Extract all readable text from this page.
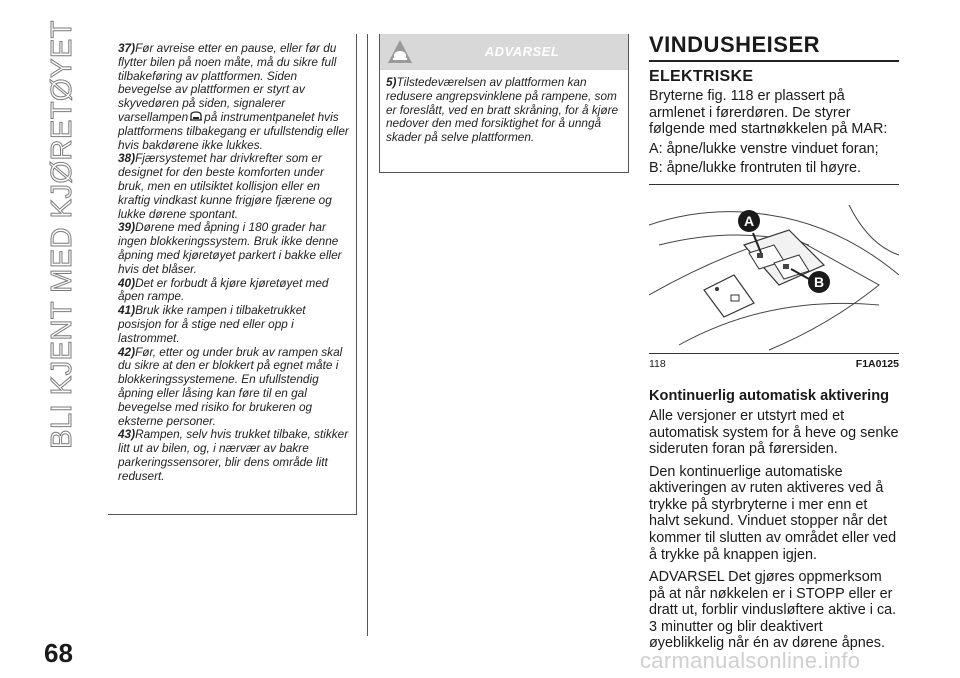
BLI KJENT MED KJØRETØYET	37)Før avreise etter en pause, eller før du flytter bilen på noen måte, må du sikre full tilbakeføring av plattformen. Siden bevegelse av plattformen er styrt av skyvedøren på siden, signalerer varsellampen på instrumentpanelet hvis plattformens tilbakegang er ufullstendig eller hvis bakdørene ikke lukkes.

38)Fjærsystemet har drivkrefter som er designet for den beste komforten under bruk, men en utilsiktet kollisjon eller en kraftig vindkast kunne frigjøre fjærene og lukke dørene spontant.

39)Dørene med åpning i 180 grader har ingen blokkeringssystem. Bruk ikke denne åpning med kjøretøyet parkert i bakke eller hvis det blåser.

40)Det er forbudt å kjøre kjøretøyet med åpen rampe.

41)Bruk ikke rampen i tilbaketrukket posisjon for å stige ned eller opp i lastrommet.

42)Før, etter og under bruk av rampen skal du sikre at den er blokkert på egnet måte i blokkeringssystemene. En ufullstendig åpning eller låsing kan føre til en gal bevegelse med risiko for brukeren og eksterne personer.

43)Rampen, selv hvis trukket tilbake, stikker litt ut av bilen, og, i nærvær av bakre parkeringssensorer, blir dens område litt redusert.

ADVARSEL
5)Tilstedeværelsen av plattformen kan redusere angrepsvinklene på rampene, som er foreslått, ved en bratt skråning, for å kjøre nedover den med forsiktighet for å unngå skader på selve plattformen.
VINDUSHEISER
ELEKTRISKE

Bryterne fig. 118 er plassert på armlenet i førerdøren. De styrer følgende med startnøkkelen på MAR:

A: åpne/lukke venstre vinduet foran;

B: åpne/lukke frontruten til høyre.

A
B
118	F1A0125
Kontinuerlig automatisk aktivering

Alle versjoner er utstyrt med et automatisk system for å heve og senke sideruten foran på førersiden.

Den kontinuerlige automatiske aktiveringen av ruten aktiveres ved å trykke på styrbryterne i mer enn et halvt sekund. Vinduet stopper når det kommer til slutten av området eller ved å trykke på knappen igjen.

ADVARSEL Det gjøres oppmerksom på at når nøkkelen er i STOPP eller er dratt ut, forblir vindusløftere aktive i ca. 3 minutter og blir deaktivert øyeblikkelig når én av dørene åpnes.

68	carmanualsonline.info
